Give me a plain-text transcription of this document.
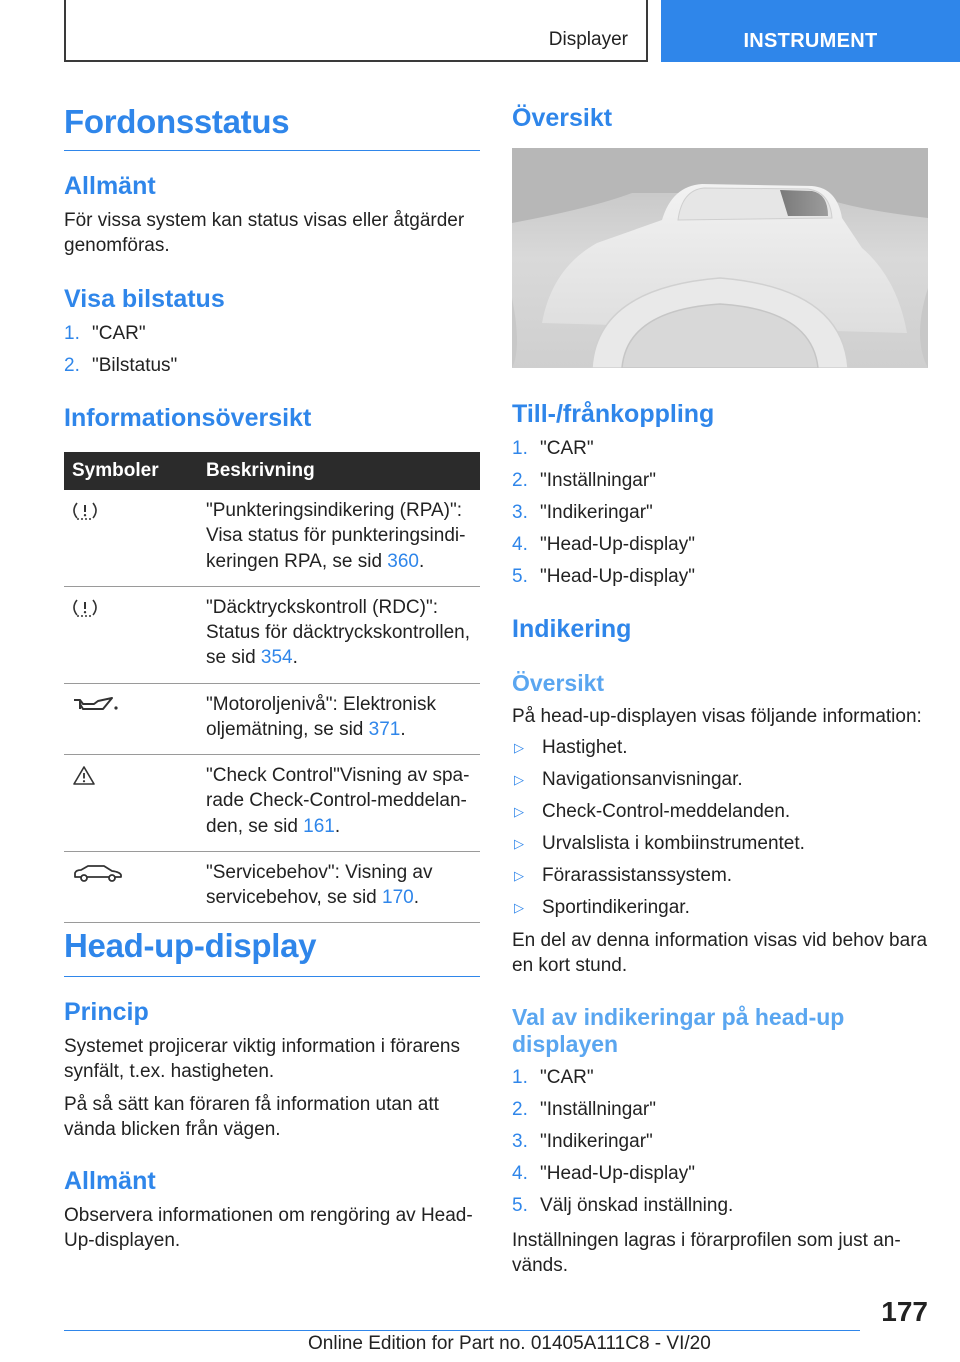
Displayer	INSTRUMENT
Fordonsstatus
Allmänt

För vissa system kan status visas eller åtgärder genomföras.

Visa bilstatus
1. "CAR"
2. "Bilstatus"
Informationsöversikt
Symboler	Beskrivning
	"Punkteringsindikering (RPA)": Visa status för punkteringsindikeringen RPA, se sid 360.
	"Däcktryckskontroll (RDC)": Status för däcktryckskontrollen, se sid 354.
	"Motoroljenivå": Elektronisk oljemätning, se sid 371.
	"Check Control"Visning av sparade Check-Control-meddelanden, se sid 161.
	"Servicebehov": Visning av servicebehov, se sid 170.
Head-up-display
Princip

Systemet projicerar viktig information i förarens synfält, t.ex. hastigheten.

På så sätt kan föraren få information utan att vända blicken från vägen.

Allmänt

Observera informationen om rengöring av Head-Up-displayen.

Översikt
Till-/frånkoppling
1. "CAR"
2. "Inställningar"
3. "Indikeringar"
4. "Head-Up-display"
5. "Head-Up-display"
Indikering
Översikt

På head-up-displayen visas följande information:

▷ Hastighet.
▷ Navigationsanvisningar.
▷ Check-Control-meddelanden.
▷ Urvalslista i kombiinstrumentet.
▷ Förarassistanssystem.
▷ Sportindikeringar.

En del av denna information visas vid behov bara en kort stund.

Val av indikeringar på head-up displayen
1. "CAR"
2. "Inställningar"
3. "Indikeringar"
4. "Head-Up-display"
5. Välj önskad inställning.

Inställningen lagras i förarprofilen som just används.

177
Online Edition for Part no. 01405A111C8 - VI/20
